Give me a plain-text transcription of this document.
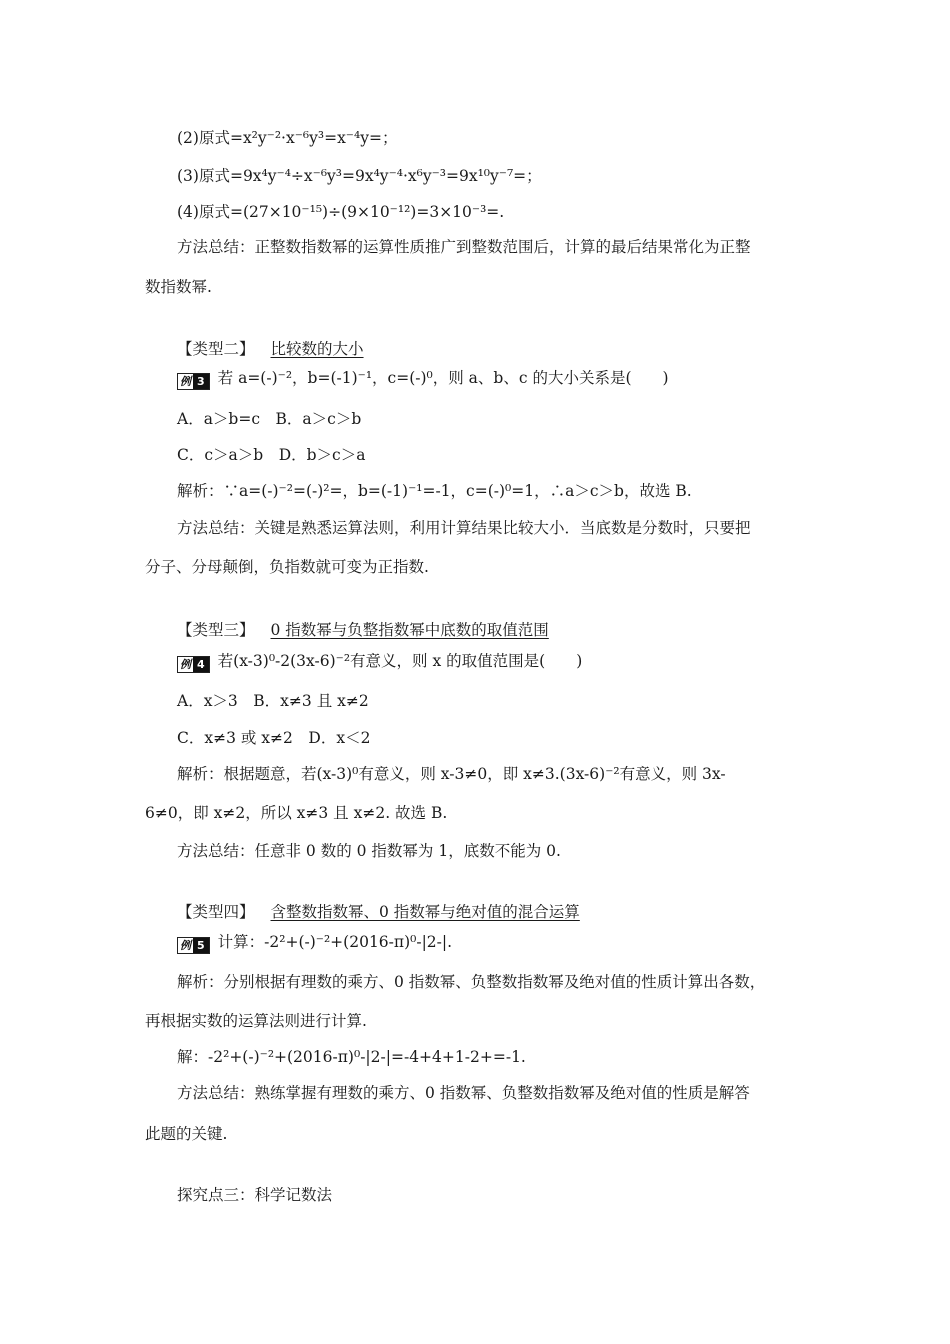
(2)原式=x²y⁻²·x⁻⁶y³=x⁻⁴y=；
(3)原式=9x⁴y⁻⁴÷x⁻⁶y³=9x⁴y⁻⁴·x⁶y⁻³=9x¹⁰y⁻⁷=；
(4)原式=(27×10⁻¹⁵)÷(9×10⁻¹²)=3×10⁻³=.
方法总结：正整数指数幂的运算性质推广到整数范围后，计算的最后结果常化为正整
数指数幂.
【类型二】 比较数的大小
例 3 若 a=(-)⁻²，b=(-1)⁻¹，c=(-)⁰，则 a、b、c 的大小关系是(　　)
A．a＞b=c　B．a＞c＞b
C．c＞a＞b　D．b＞c＞a
解析：∵a=(-)⁻²=(-)²=，b=(-1)⁻¹=-1，c=(-)⁰=1，∴a＞c＞b，故选 B.
方法总结：关键是熟悉运算法则，利用计算结果比较大小．当底数是分数时，只要把
分子、分母颠倒，负指数就可变为正指数.
【类型三】 0 指数幂与负整指数幂中底数的取值范围
例 4 若(x-3)⁰-2(3x-6)⁻²有意义，则 x 的取值范围是(　　)
A．x＞3　B．x≠3 且 x≠2
C．x≠3 或 x≠2　D．x＜2
解析：根据题意，若(x-3)⁰有意义，则 x-3≠0，即 x≠3.(3x-6)⁻²有意义，则 3x-
6≠0，即 x≠2，所以 x≠3 且 x≠2. 故选 B.
方法总结：任意非 0 数的 0 指数幂为 1，底数不能为 0.
【类型四】 含整数指数幂、0 指数幂与绝对值的混合运算
例 5 计算：-2²+(-)⁻²+(2016-π)⁰-|2-|.
解析：分别根据有理数的乘方、0 指数幂、负整数指数幂及绝对值的性质计算出各数，
再根据实数的运算法则进行计算.
解：-2²+(-)⁻²+(2016-π)⁰-|2-|=-4+4+1-2+=-1.
方法总结：熟练掌握有理数的乘方、0 指数幂、负整数指数幂及绝对值的性质是解答
此题的关键.
探究点三：科学记数法
